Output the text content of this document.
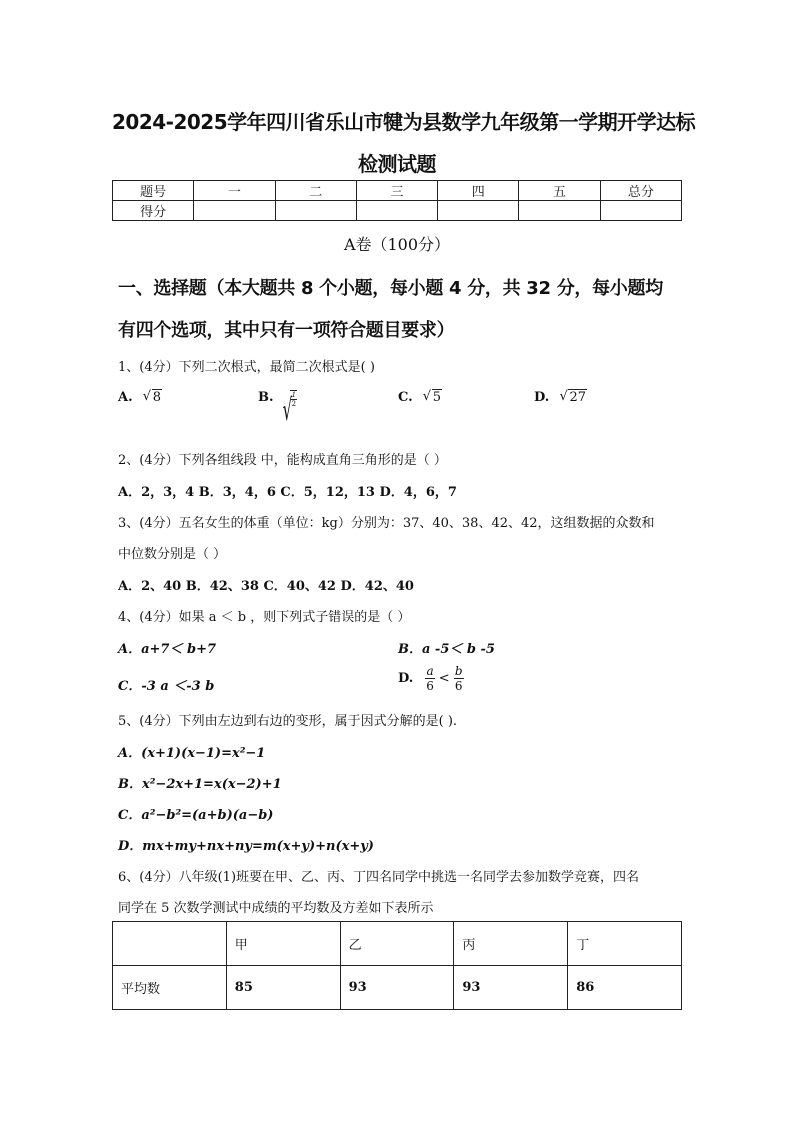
2024-2025学年四川省乐山市犍为县数学九年级第一学期开学达标
检测试题
题号	一	二	三	四	五	总分
得分						
A卷（100分）
一、选择题（本大题共 8 个小题，每小题 4 分，共 32 分，每小题均
有四个选项，其中只有一项符合题目要求）
1、(4分）下列二次根式，最简二次根式是( )
A. √ 8	B. √ $\frac{1}{2}$	C. √ 5	D. √ 27
2、(4分）下列各组线段 中，能构成直角三角形的是（ ）
A．2，3，4 B．3，4，6 C．5，12，13 D．4，6，7
3、(4分）五名女生的体重（单位：kg）分别为：37、40、38、42、42，这组数据的众数和
中位数分别是（ ）
A．2、40 B．42、38 C．40、42 D．42、40
4、(4分）如果 a ＜ b ，则下列式子错误的是（ ）
A．a+7＜ b+7	B．a -5＜ b -5
C．-3 a ＜-3 b
D. $\frac{a}{6} < \frac{b}{6}$
5、(4分）下列由左边到右边的变形，属于因式分解的是( ).
A．(x+1)(x−1)=x²−1
B．x²−2x+1=x(x−2)+1
C．a²−b²=(a+b)(a−b)
D．mx+my+nx+ny=m(x+y)+n(x+y)
6、(4分）八年级(1)班要在甲、乙、丙、丁四名同学中挑选一名同学去参加数学竞赛，四名
同学在 5 次数学测试中成绩的平均数及方差如下表所示
	甲	乙	丙	丁
平均数	85	93	93	86
